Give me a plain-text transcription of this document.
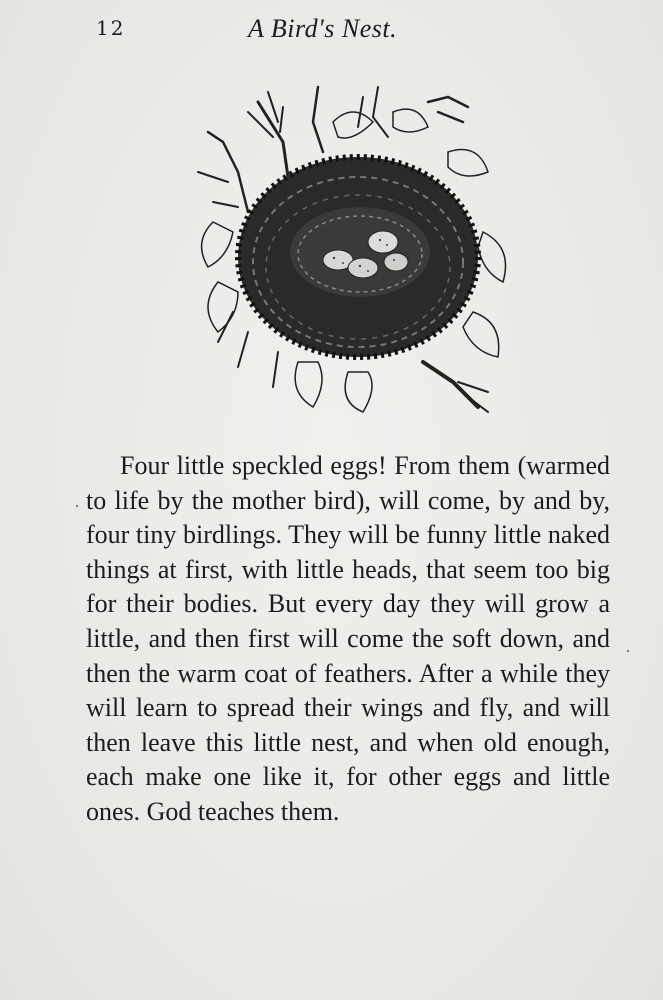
12	A Bird's Nest.

Four little speckled eggs! From them (warmed to life by the mother bird), will come, by and by, four tiny birdlings. They will be funny little naked things at first, with little heads, that seem too big for their bodies. But every day they will grow a little, and then first will come the soft down, and then the warm coat of feathers. After a while they will learn to spread their wings and fly, and will then leave this little nest, and when old enough, each make one like it, for other eggs and little ones. God teaches them.
